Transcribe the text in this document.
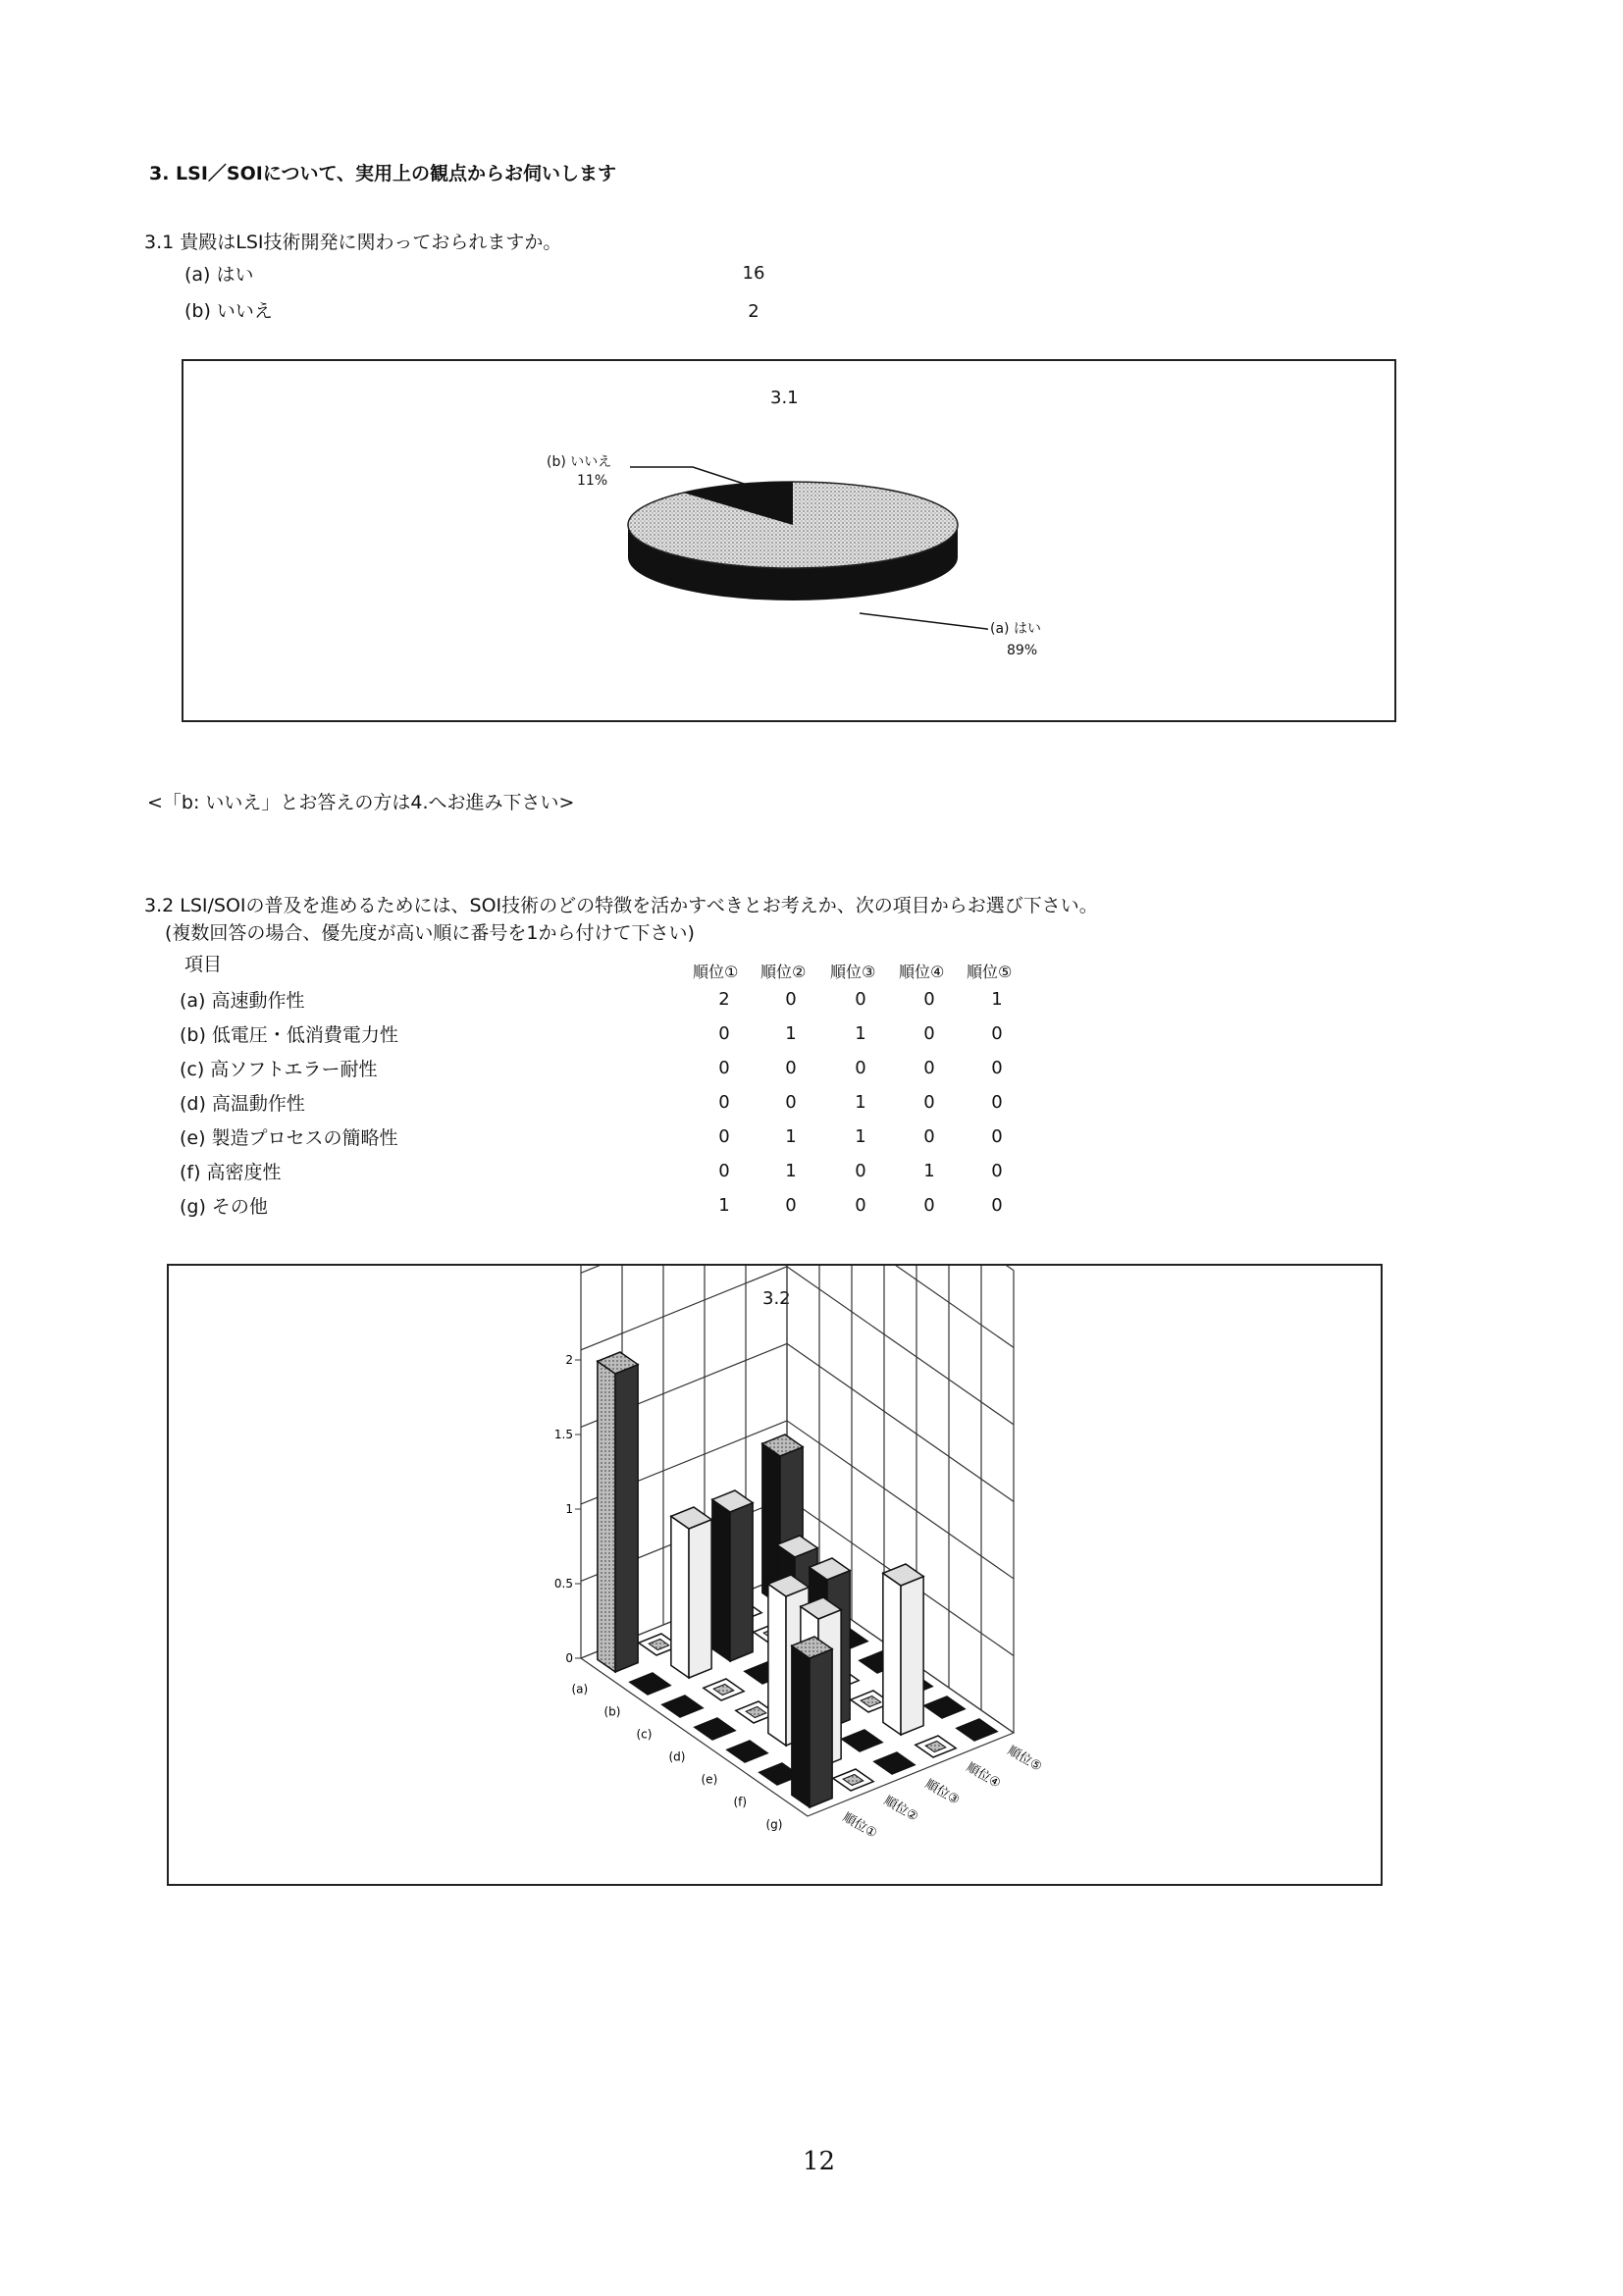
3. LSI／SOIについて、実用上の観点からお伺いします
3.1 貴殿はLSI技術開発に関わっておられますか。
(a) はい	16
(b) いいえ	2
3.1
(b) いいえ
11%
(a) はい
89%
<「b: いいえ」とお答えの方は4.へお進み下さい>
3.2 LSI/SOIの普及を進めるためには、SOI技術のどの特徴を活かすべきとお考えか、次の項目からお選び下さい。
(複数回答の場合、優先度が高い順に番号を1から付けて下さい)
項目	順位① 順位② 順位③ 順位④ 順位⑤
(a) 高速動作性	2	0	0	0	1
(b) 低電圧・低消費電力性	0	1	1	0	0
(c) 高ソフトエラー耐性	0	0	0	0	0
(d) 高温動作性	0	0	1	0	0
(e) 製造プロセスの簡略性	0	1	1	0	0
(f) 高密度性	0	1	0	1	0
(g) その他	1	0	0	0	0
3.2
0
0.5
1
1.5
2
(a)
(b)
(c)
(d)
(e)
(f)
(g)	順位①
順位②
順位③
順位④
順位⑤
12
